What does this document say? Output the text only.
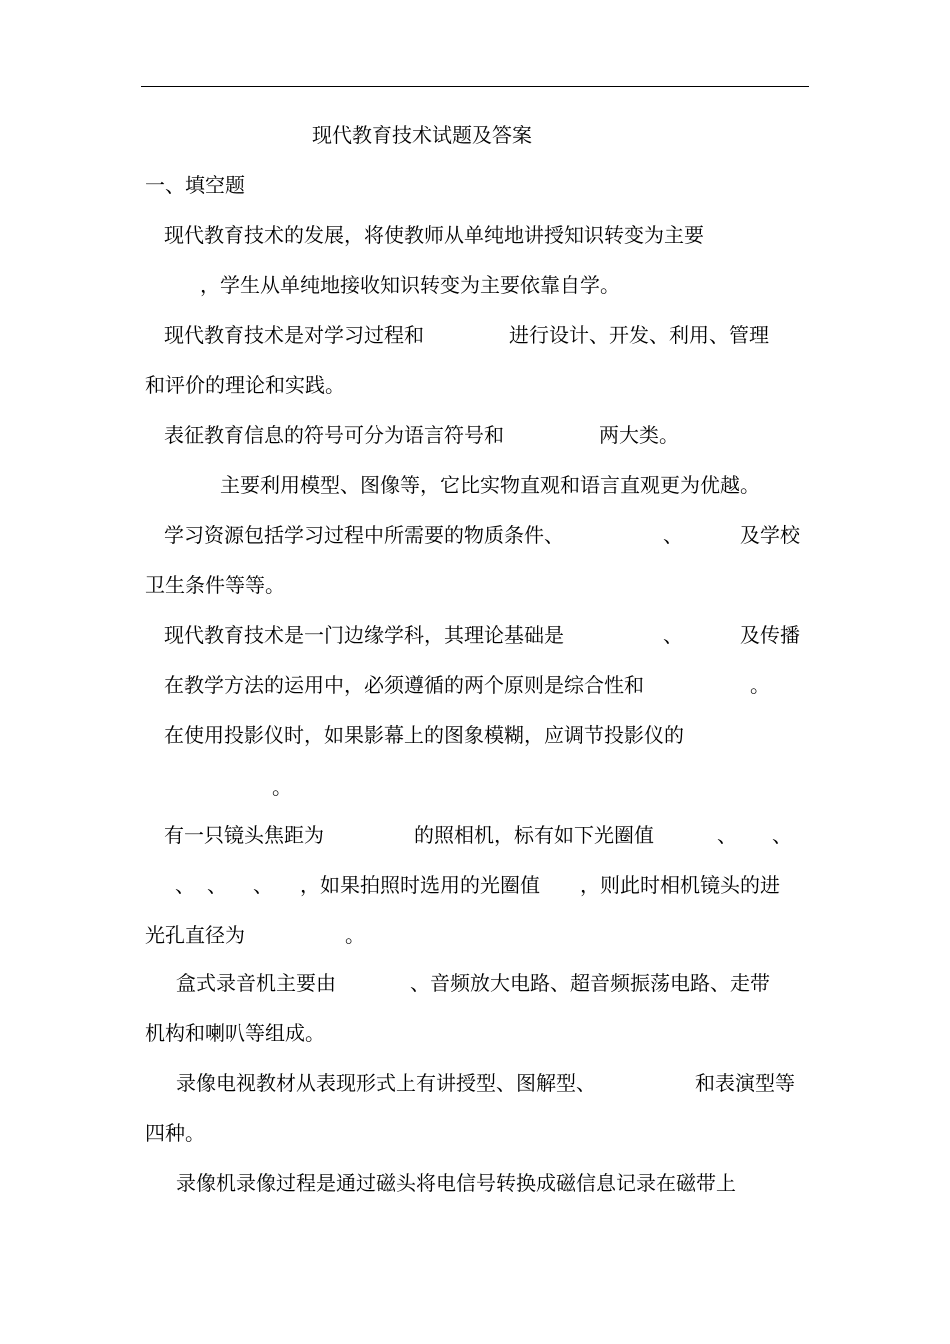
现代教育技术试题及答案

一、填空题

现代教育技术的发展，将使教师从单纯地讲授知识转变为主要

，学生从单纯地接收知识转变为主要依靠自学。

现代教育技术是对学习过程和

	进行设计、开发、利用、管理

和评价的理论和实践。

表征教育信息的符号可分为语言符号和

	两大类。

主要利用模型、图像等，它比实物直观和语言直观更为优越。

学习资源包括学习过程中所需要的物质条件、

	、

	及学校

卫生条件等等。

现代教育技术是一门边缘学科，其理论基础是

	、

	及传播

在教学方法的运用中，必须遵循的两个原则是综合性和

	。

在使用投影仪时，如果影幕上的图象模糊，应调节投影仪的

。

有一只镜头焦距为

	的照相机，标有如下光圈值

	、

、

、

、

、

，如果拍照时选用的光圈值

，则此时相机镜头的进

光孔直径为

	。

盒式录音机主要由

	、音频放大电路、超音频振荡电路、走带

机构和喇叭等组成。

录像电视教材从表现形式上有讲授型、图解型、

	和表演型等

四种。

录像机录像过程是通过磁头将电信号转换成磁信息记录在磁带上
